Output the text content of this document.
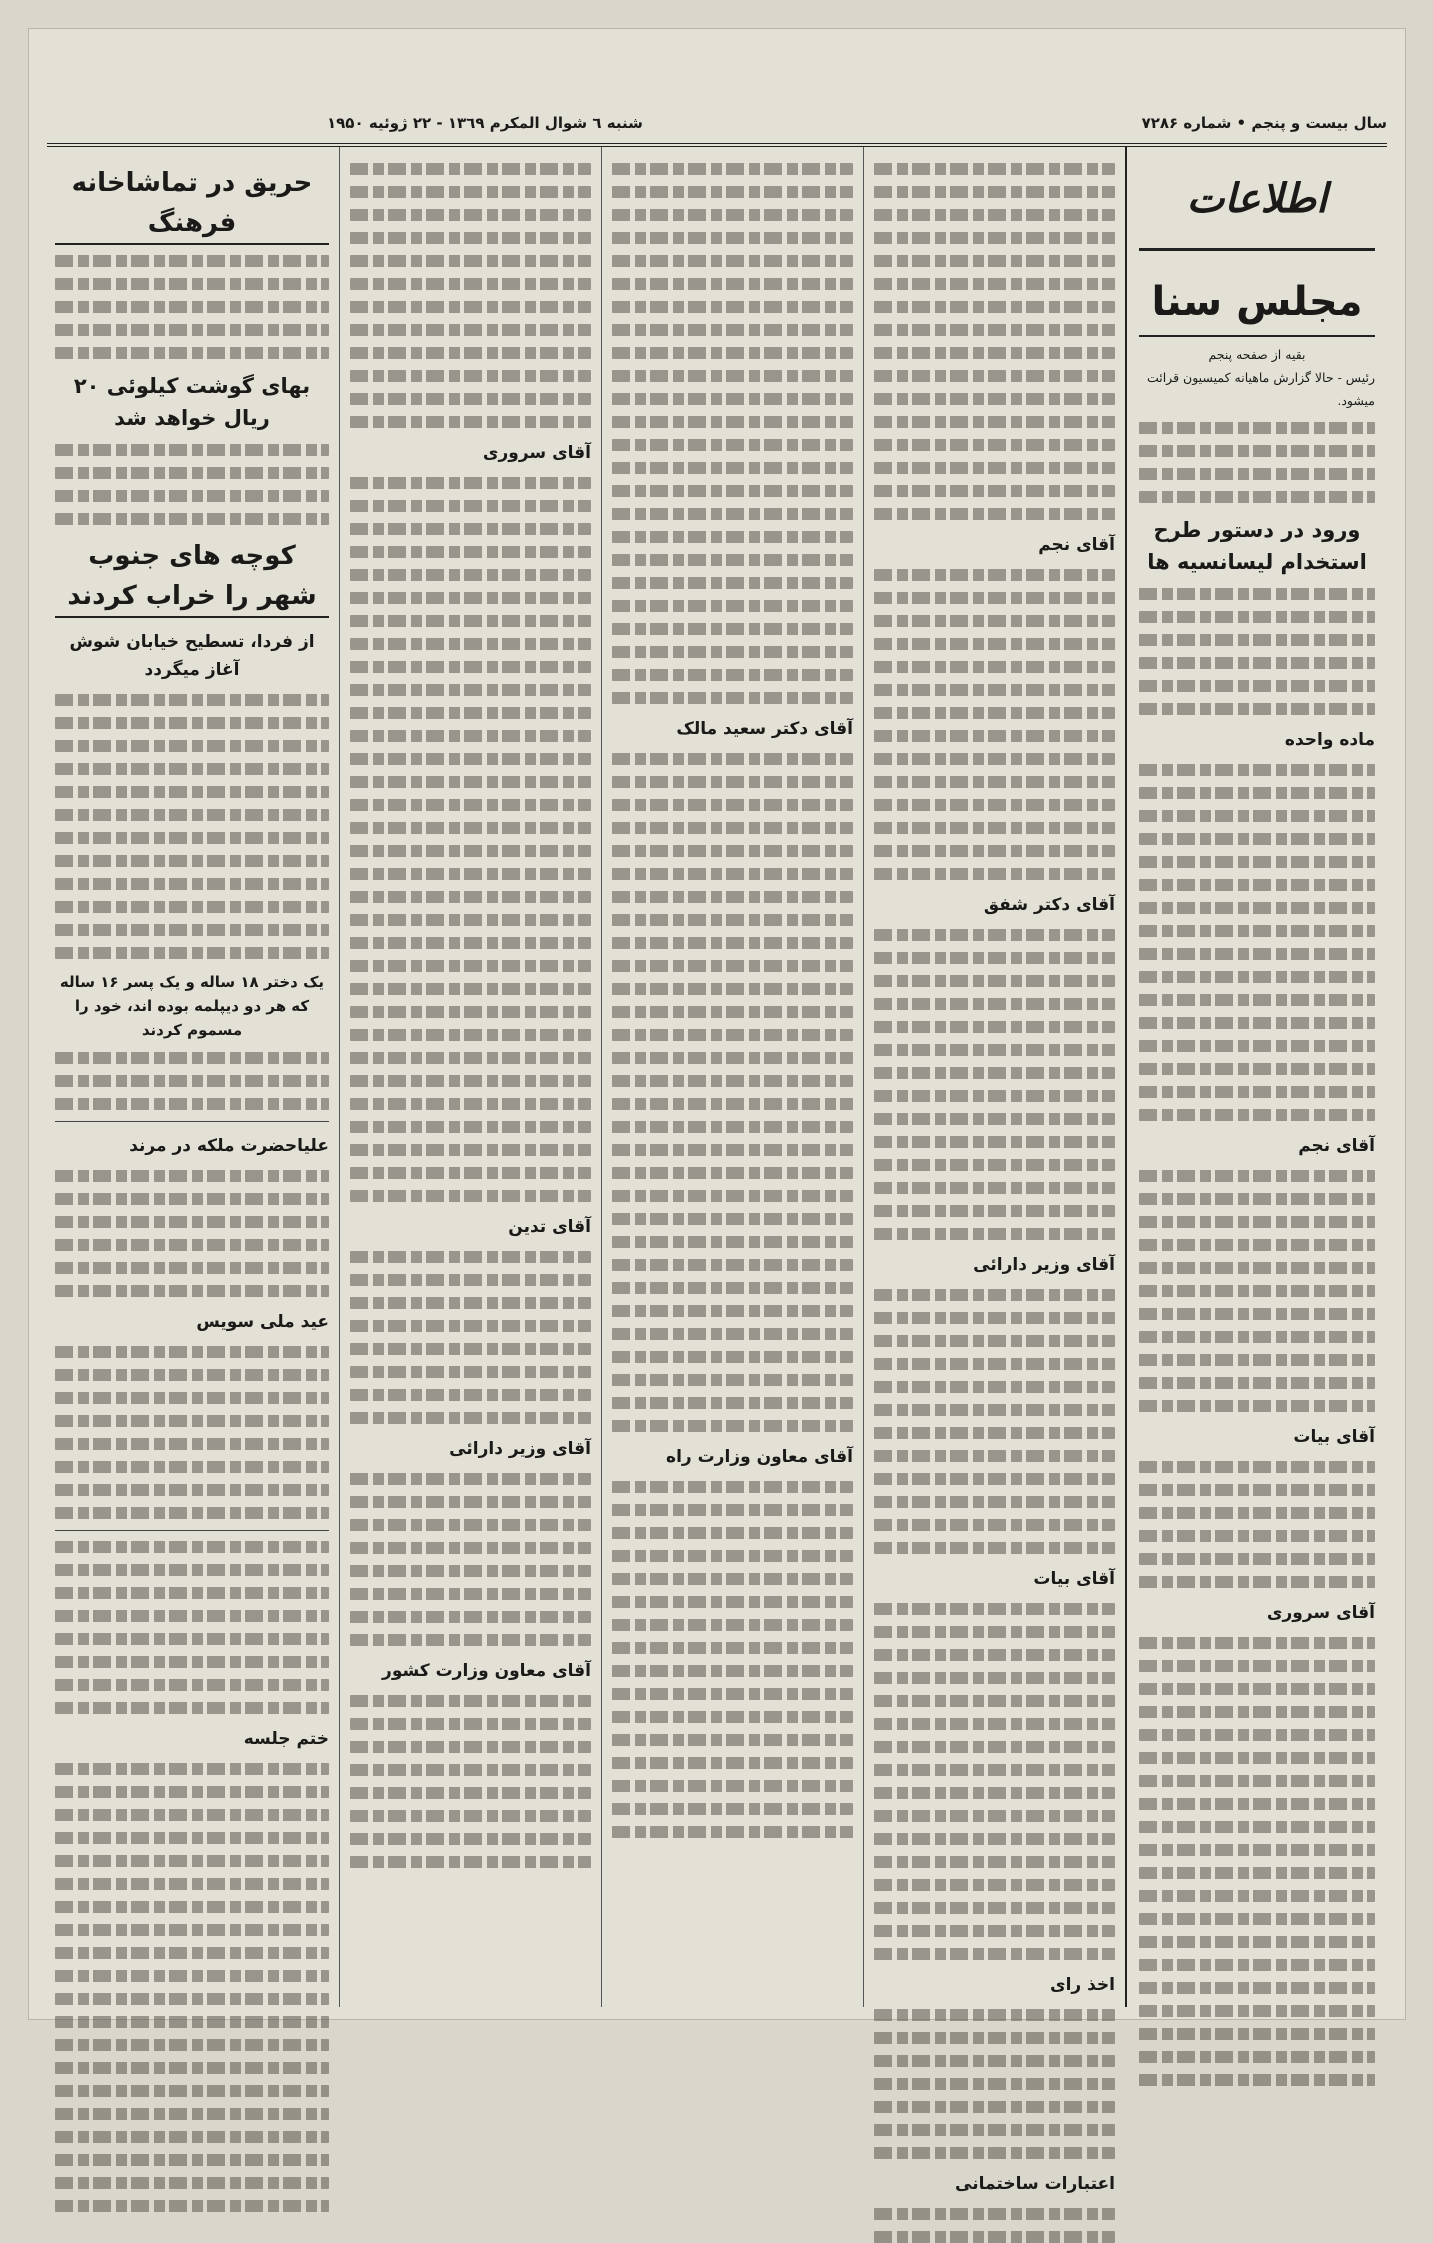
سال بیست و پنجم • شماره ۷۲۸۶
شنبه ٦ شوال المکرم ۱۳٦۹ - ۲۲ ژوئیه ۱۹۵۰
اطلاعات
مجلس سنا
بقیه از صفحه پنجم
رئیس - حالا گزارش ماهیانه کمیسیون قرائت میشود.
ورود در دستور طرح استخدام لیسانسیه ها
ماده واحده
آقای نجم
آقای بیات
آقای سروری
آقای نجم
آقای دکتر شفق
آقای وزیر دارائی
آقای بیات
اخذ رای
اعتبارات ساختمانی
آقای دکتر سعید مالک
آقای معاون وزارت راه
آقای سروری
آقای تدین
آقای وزیر دارائی
آقای معاون وزارت کشور
حریق در تماشاخانه فرهنگ
بهای گوشت کیلوئی ۲۰ ریال خواهد شد
کوچه های جنوب شهر را خراب کردند
از فردا، تسطیح خیابان شوش آغاز میگردد
یک دختر ۱۸ ساله و یک پسر ۱۶ ساله که هر دو دیپلمه بوده اند، خود را مسموم کردند
علیاحضرت ملکه در مرند
عید ملی سویس
ختم جلسه
